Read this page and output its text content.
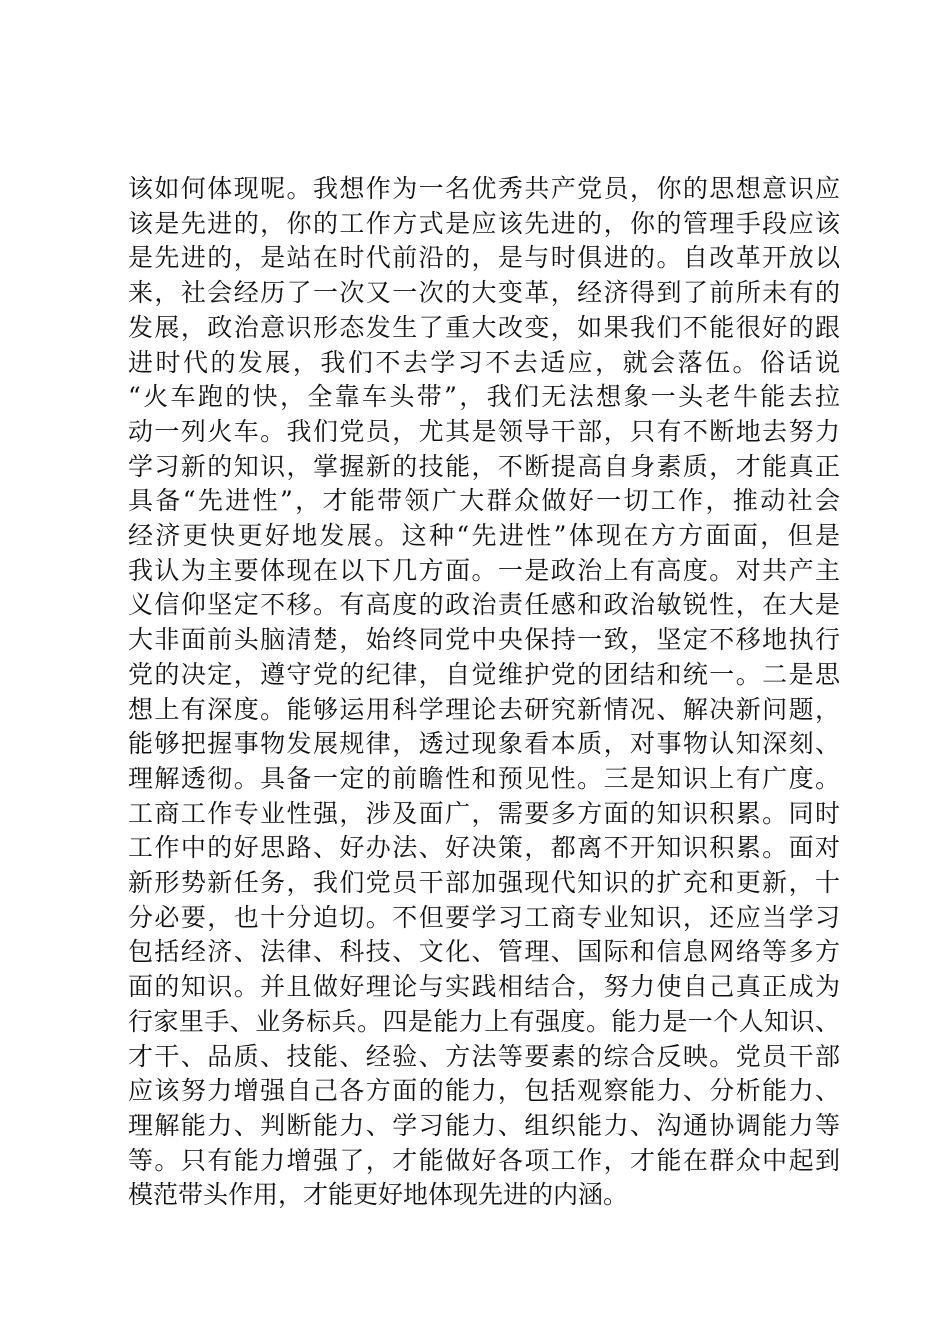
该如何体现呢。我想作为一名优秀共产党员，你的思想意识应
该是先进的，你的工作方式是应该先进的，你的管理手段应该
是先进的，是站在时代前沿的，是与时俱进的。自改革开放以
来，社会经历了一次又一次的大变革，经济得到了前所未有的
发展，政治意识形态发生了重大改变，如果我们不能很好的跟
进时代的发展，我们不去学习不去适应，就会落伍。俗话说
“火车跑的快，全靠车头带”，我们无法想象一头老牛能去拉
动一列火车。我们党员，尤其是领导干部，只有不断地去努力
学习新的知识，掌握新的技能，不断提高自身素质，才能真正
具备“先进性”，才能带领广大群众做好一切工作，推动社会
经济更快更好地发展。这种“先进性”体现在方方面面，但是
我认为主要体现在以下几方面。一是政治上有高度。对共产主
义信仰坚定不移。有高度的政治责任感和政治敏锐性，在大是
大非面前头脑清楚，始终同党中央保持一致，坚定不移地执行
党的决定，遵守党的纪律，自觉维护党的团结和统一。二是思
想上有深度。能够运用科学理论去研究新情况、解决新问题，
能够把握事物发展规律，透过现象看本质，对事物认知深刻、
理解透彻。具备一定的前瞻性和预见性。三是知识上有广度。
工商工作专业性强，涉及面广，需要多方面的知识积累。同时
工作中的好思路、好办法、好决策，都离不开知识积累。面对
新形势新任务，我们党员干部加强现代知识的扩充和更新，十
分必要，也十分迫切。不但要学习工商专业知识，还应当学习
包括经济、法律、科技、文化、管理、国际和信息网络等多方
面的知识。并且做好理论与实践相结合，努力使自己真正成为
行家里手、业务标兵。四是能力上有强度。能力是一个人知识、
才干、品质、技能、经验、方法等要素的综合反映。党员干部
应该努力增强自己各方面的能力，包括观察能力、分析能力、
理解能力、判断能力、学习能力、组织能力、沟通协调能力等
等。只有能力增强了，才能做好各项工作，才能在群众中起到
模范带头作用，才能更好地体现先进的内涵。
